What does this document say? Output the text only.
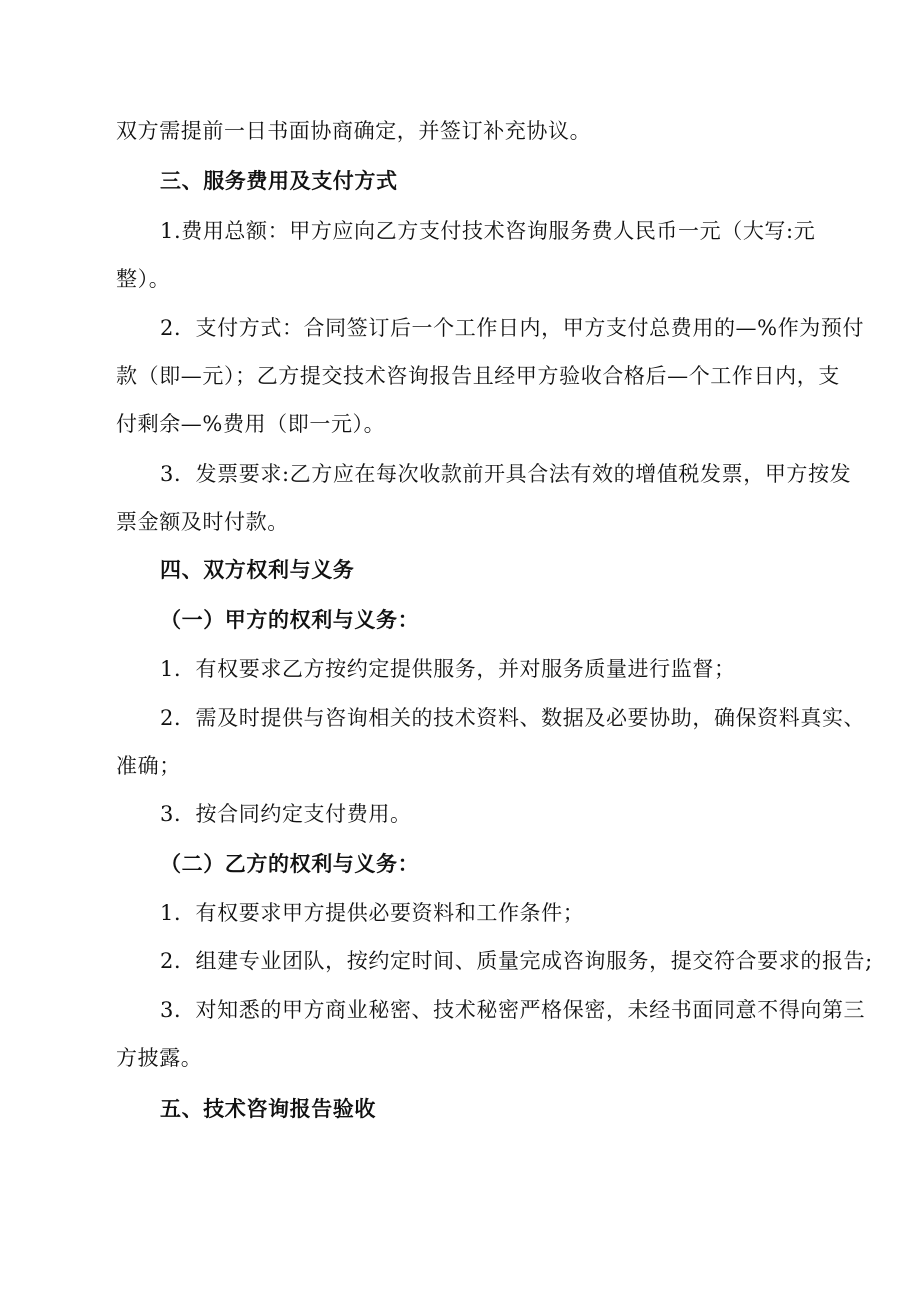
双方需提前一日书面协商确定，并签订补充协议。
三、服务费用及支付方式
1.费用总额：甲方应向乙方支付技术咨询服务费人民币一元（大写:元
整）。
2．支付方式：合同签订后一个工作日内，甲方支付总费用的—%作为预付
款（即—元）；乙方提交技术咨询报告且经甲方验收合格后—个工作日内，支
付剩余—%费用（即一元）。
3．发票要求:乙方应在每次收款前开具合法有效的增值税发票，甲方按发
票金额及时付款。
四、双方权利与义务
（一）甲方的权利与义务：
1．有权要求乙方按约定提供服务，并对服务质量进行监督；
2．需及时提供与咨询相关的技术资料、数据及必要协助，确保资料真实、
准确；
3．按合同约定支付费用。
（二）乙方的权利与义务：
1．有权要求甲方提供必要资料和工作条件；
2．组建专业团队，按约定时间、质量完成咨询服务，提交符合要求的报告;
3．对知悉的甲方商业秘密、技术秘密严格保密，未经书面同意不得向第三
方披露。
五、技术咨询报告验收
